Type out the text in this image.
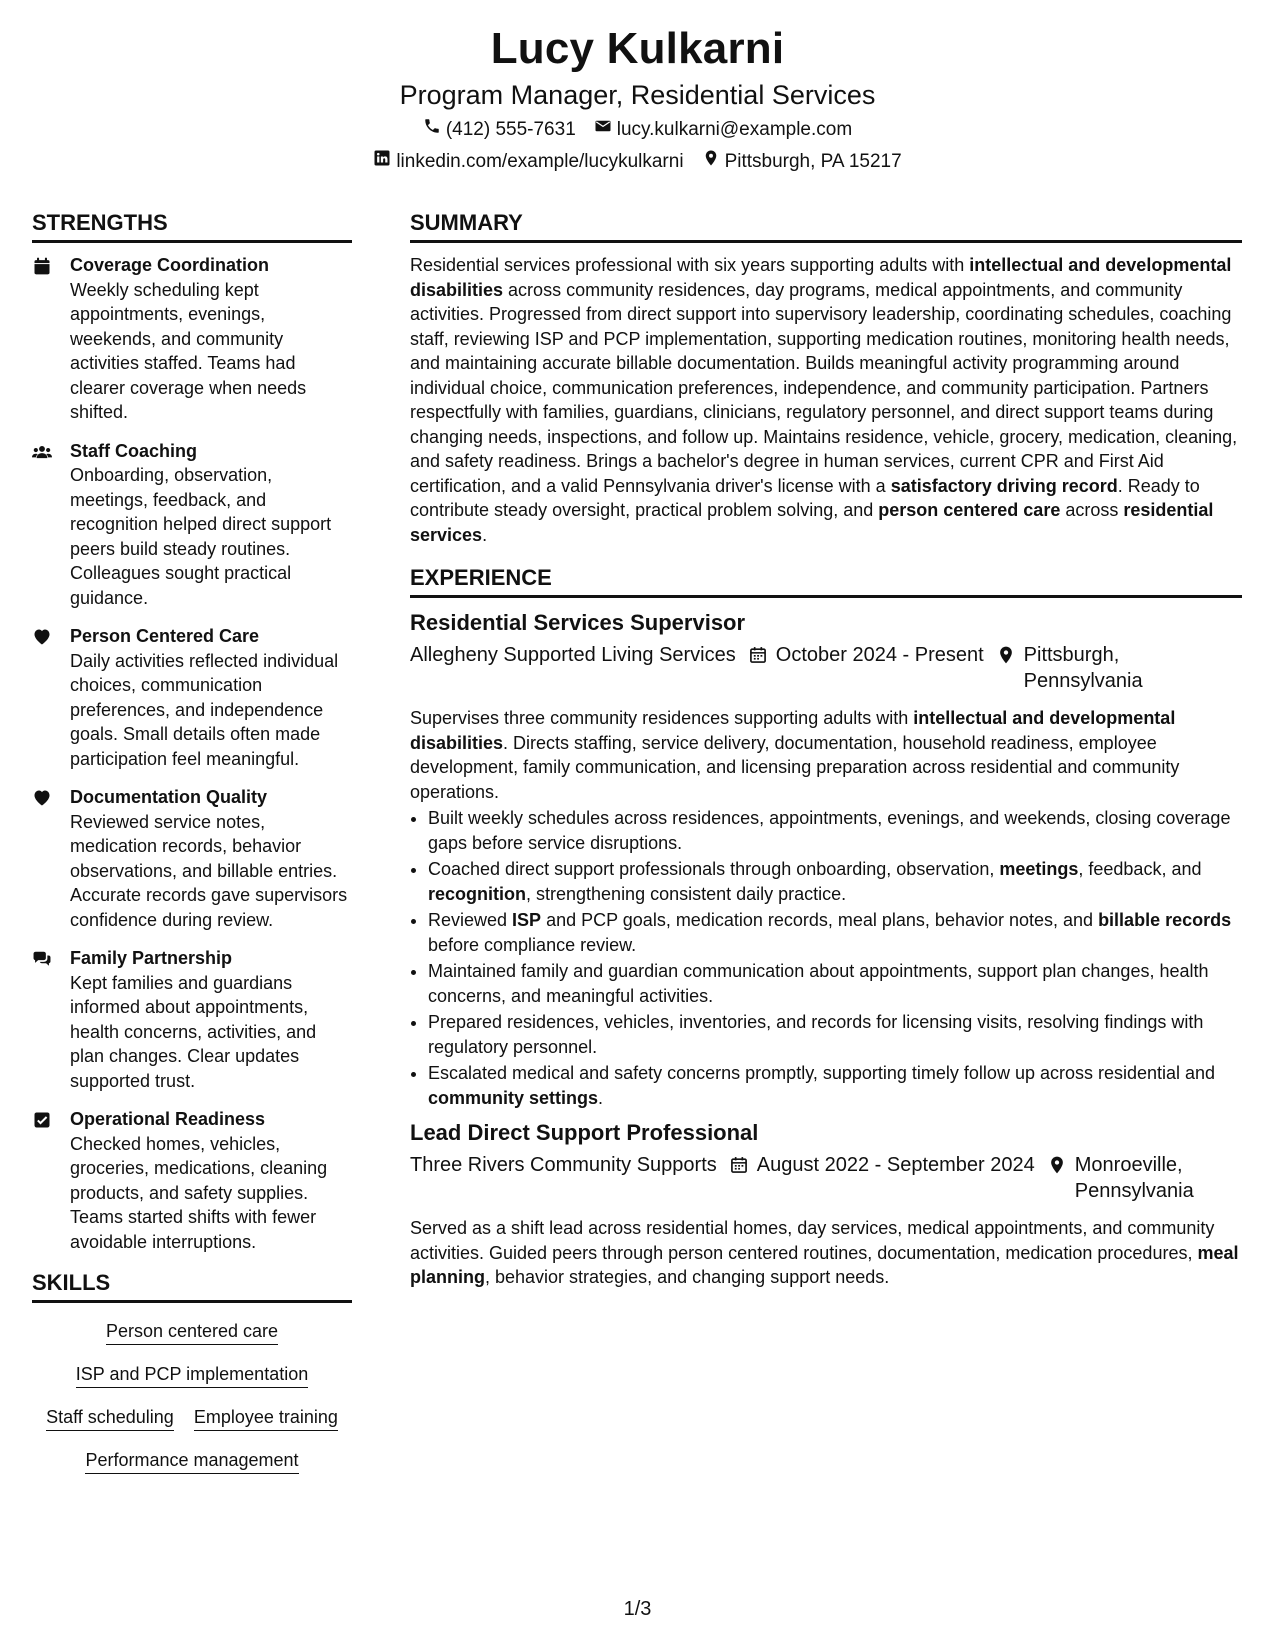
Lucy Kulkarni
Program Manager, Residential Services
(412) 555-7631 lucy.kulkarni@example.com
linkedin.com/example/lucykulkarni Pittsburgh, PA 15217
STRENGTHS
Coverage Coordination
Weekly scheduling kept appointments, evenings, weekends, and community activities staffed. Teams had clearer coverage when needs shifted.
Staff Coaching
Onboarding, observation, meetings, feedback, and recognition helped direct support peers build steady routines. Colleagues sought practical guidance.
Person Centered Care
Daily activities reflected individual choices, communication preferences, and independence goals. Small details often made participation feel meaningful.
Documentation Quality
Reviewed service notes, medication records, behavior observations, and billable entries. Accurate records gave supervisors confidence during review.
Family Partnership
Kept families and guardians informed about appointments, health concerns, activities, and plan changes. Clear updates supported trust.
Operational Readiness
Checked homes, vehicles, groceries, medications, cleaning products, and safety supplies. Teams started shifts with fewer avoidable interruptions.
SKILLS
Person centered care
ISP and PCP implementation
Staff scheduling Employee training
Performance management
SUMMARY

Residential services professional with six years supporting adults with intellectual and developmental disabilities across community residences, day programs, medical appointments, and community activities. Progressed from direct support into supervisory leadership, coordinating schedules, coaching staff, reviewing ISP and PCP implementation, supporting medication routines, monitoring health needs, and maintaining accurate billable documentation. Builds meaningful activity programming around individual choice, communication preferences, independence, and community participation. Partners respectfully with families, guardians, clinicians, regulatory personnel, and direct support teams during changing needs, inspections, and follow up. Maintains residence, vehicle, grocery, medication, cleaning, and safety readiness. Brings a bachelor's degree in human services, current CPR and First Aid certification, and a valid Pennsylvania driver's license with a satisfactory driving record. Ready to contribute steady oversight, practical problem solving, and person centered care across residential services.

EXPERIENCE
Residential Services Supervisor
Allegheny Supported Living Services October 2024 - Present Pittsburgh,
Pennsylvania

Supervises three community residences supporting adults with intellectual and developmental disabilities. Directs staffing, service delivery, documentation, household readiness, employee development, family communication, and licensing preparation across residential and community operations.

• Built weekly schedules across residences, appointments, evenings, and weekends, closing coverage gaps before service disruptions.
• Coached direct support professionals through onboarding, observation, meetings, feedback, and recognition, strengthening consistent daily practice.
• Reviewed ISP and PCP goals, medication records, meal plans, behavior notes, and billable records before compliance review.
• Maintained family and guardian communication about appointments, support plan changes, health concerns, and meaningful activities.
• Prepared residences, vehicles, inventories, and records for licensing visits, resolving findings with regulatory personnel.
• Escalated medical and safety concerns promptly, supporting timely follow up across residential and community settings.
Lead Direct Support Professional
Three Rivers Community Supports August 2022 - September 2024 Monroeville,
Pennsylvania

Served as a shift lead across residential homes, day services, medical appointments, and community activities. Guided peers through person centered routines, documentation, medication procedures, meal planning, behavior strategies, and changing support needs.

1/3
